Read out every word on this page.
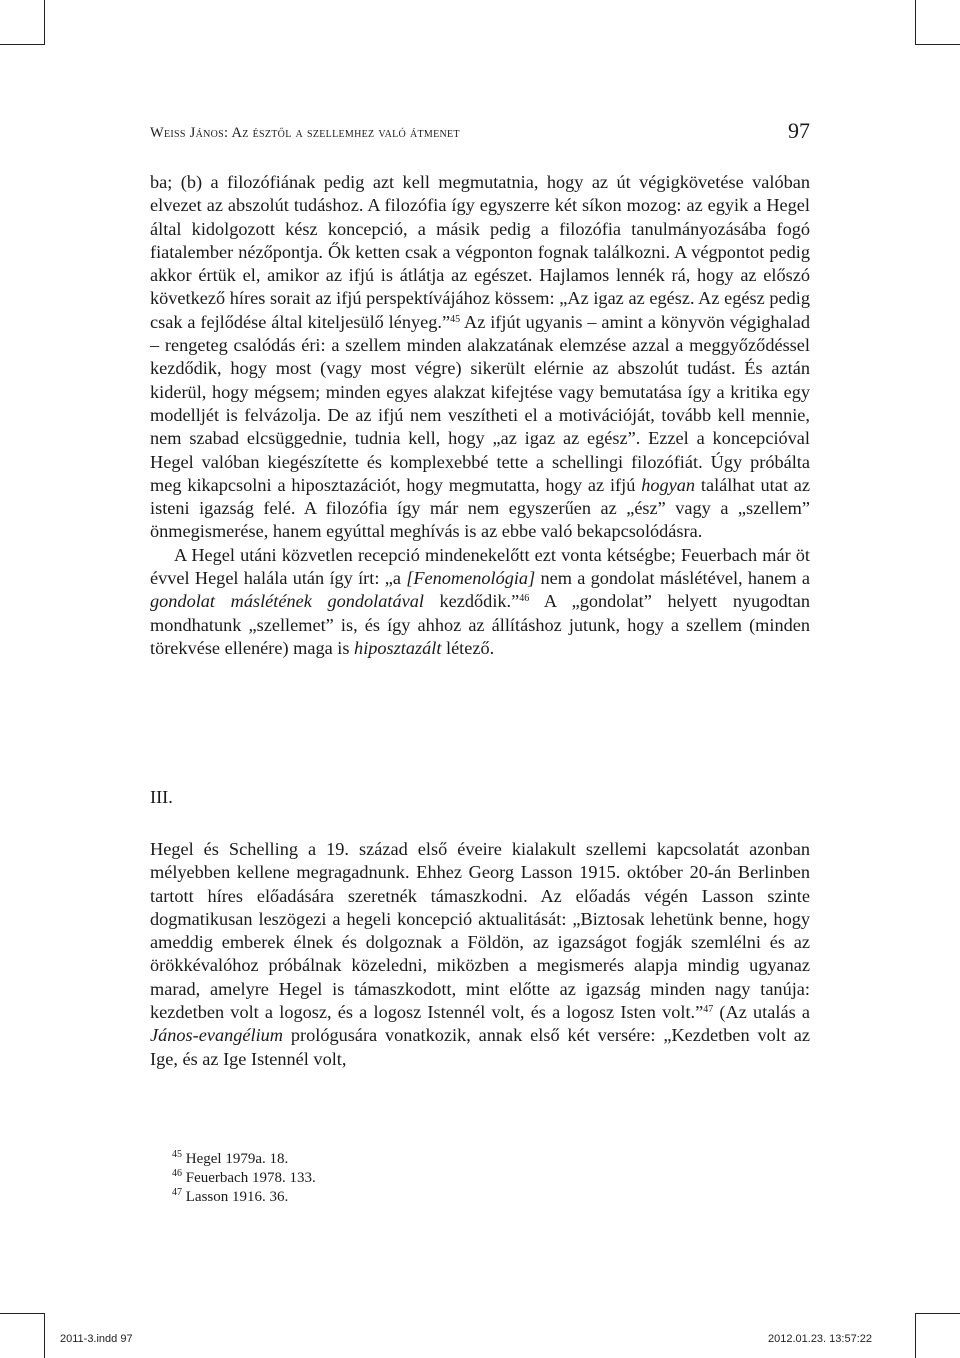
Weiss János: Az észtől a szellemhez való átmenet	97

ba; (b) a filozófiának pedig azt kell megmutatnia, hogy az út végigkövetése valóban elvezet az abszolút tudáshoz. A filozófia így egyszerre két síkon mozog: az egyik a Hegel által kidolgozott kész koncepció, a másik pedig a filozófia tanulmányozásába fogó fiatalember nézőpontja. Ők ketten csak a végponton fognak találkozni. A végpontot pedig akkor értük el, amikor az ifjú is átlátja az egészet. Hajlamos lennék rá, hogy az előszó következő híres sorait az ifjú perspektívájához kössem: „Az igaz az egész. Az egész pedig csak a fejlődése által kiteljesülő lényeg.”$^{45}$ Az ifjút ugyanis – amint a könyvön végighalad – rengeteg csalódás éri: a szellem minden alakzatának elemzése azzal a meggyőződéssel kezdődik, hogy most (vagy most végre) sikerült elérnie az abszolút tudást. És aztán kiderül, hogy mégsem; minden egyes alakzat kifejtése vagy bemutatása így a kritika egy modelljét is felvázolja. De az ifjú nem veszítheti el a motivációját, tovább kell mennie, nem szabad elcsüggednie, tudnia kell, hogy „az igaz az egész”. Ezzel a koncepcióval Hegel valóban kiegészítette és komplexebbé tette a schellingi filozófiát. Úgy próbálta meg kikapcsolni a hiposztazációt, hogy megmutatta, hogy az ifjú hogyan találhat utat az isteni igazság felé. A filozófia így már nem egyszerűen az „ész” vagy a „szellem” önmegismerése, hanem egyúttal meghívás is az ebbe való bekapcsolódásra.

A Hegel utáni közvetlen recepció mindenekelőtt ezt vonta kétségbe; Feuerbach már öt évvel Hegel halála után így írt: „a [Fenomenológia] nem a gondolat máslétével, hanem a gondolat máslétének gondolatával kezdődik.”$^{46}$ A „gondolat” helyett nyugodtan mondhatunk „szellemet” is, és így ahhoz az állításhoz jutunk, hogy a szellem (minden törekvése ellenére) maga is hiposztazált létező.

III.

Hegel és Schelling a 19. század első éveire kialakult szellemi kapcsolatát azonban mélyebben kellene megragadnunk. Ehhez Georg Lasson 1915. október 20-án Berlinben tartott híres előadására szeretnék támaszkodni. Az előadás végén Lasson szinte dogmatikusan leszögezi a hegeli koncepció aktualitását: „Biztosak lehetünk benne, hogy ameddig emberek élnek és dolgoznak a Földön, az igazságot fogják szemlélni és az örökkévalóhoz próbálnak közeledni, miközben a megismerés alapja mindig ugyanaz marad, amelyre Hegel is támaszkodott, mint előtte az igazság minden nagy tanúja: kezdetben volt a logosz, és a logosz Istennél volt, és a logosz Isten volt.”$^{47}$ (Az utalás a János-evangélium prológusára vonatkozik, annak első két versére: „Kezdetben volt az Ige, és az Ige Istennél volt,

$^{45}$ Hegel 1979a. 18.
$^{46}$ Feuerbach 1978. 133.
$^{47}$ Lasson 1916. 36.
2011-3.indd 97	2012.01.23. 13:57:22
